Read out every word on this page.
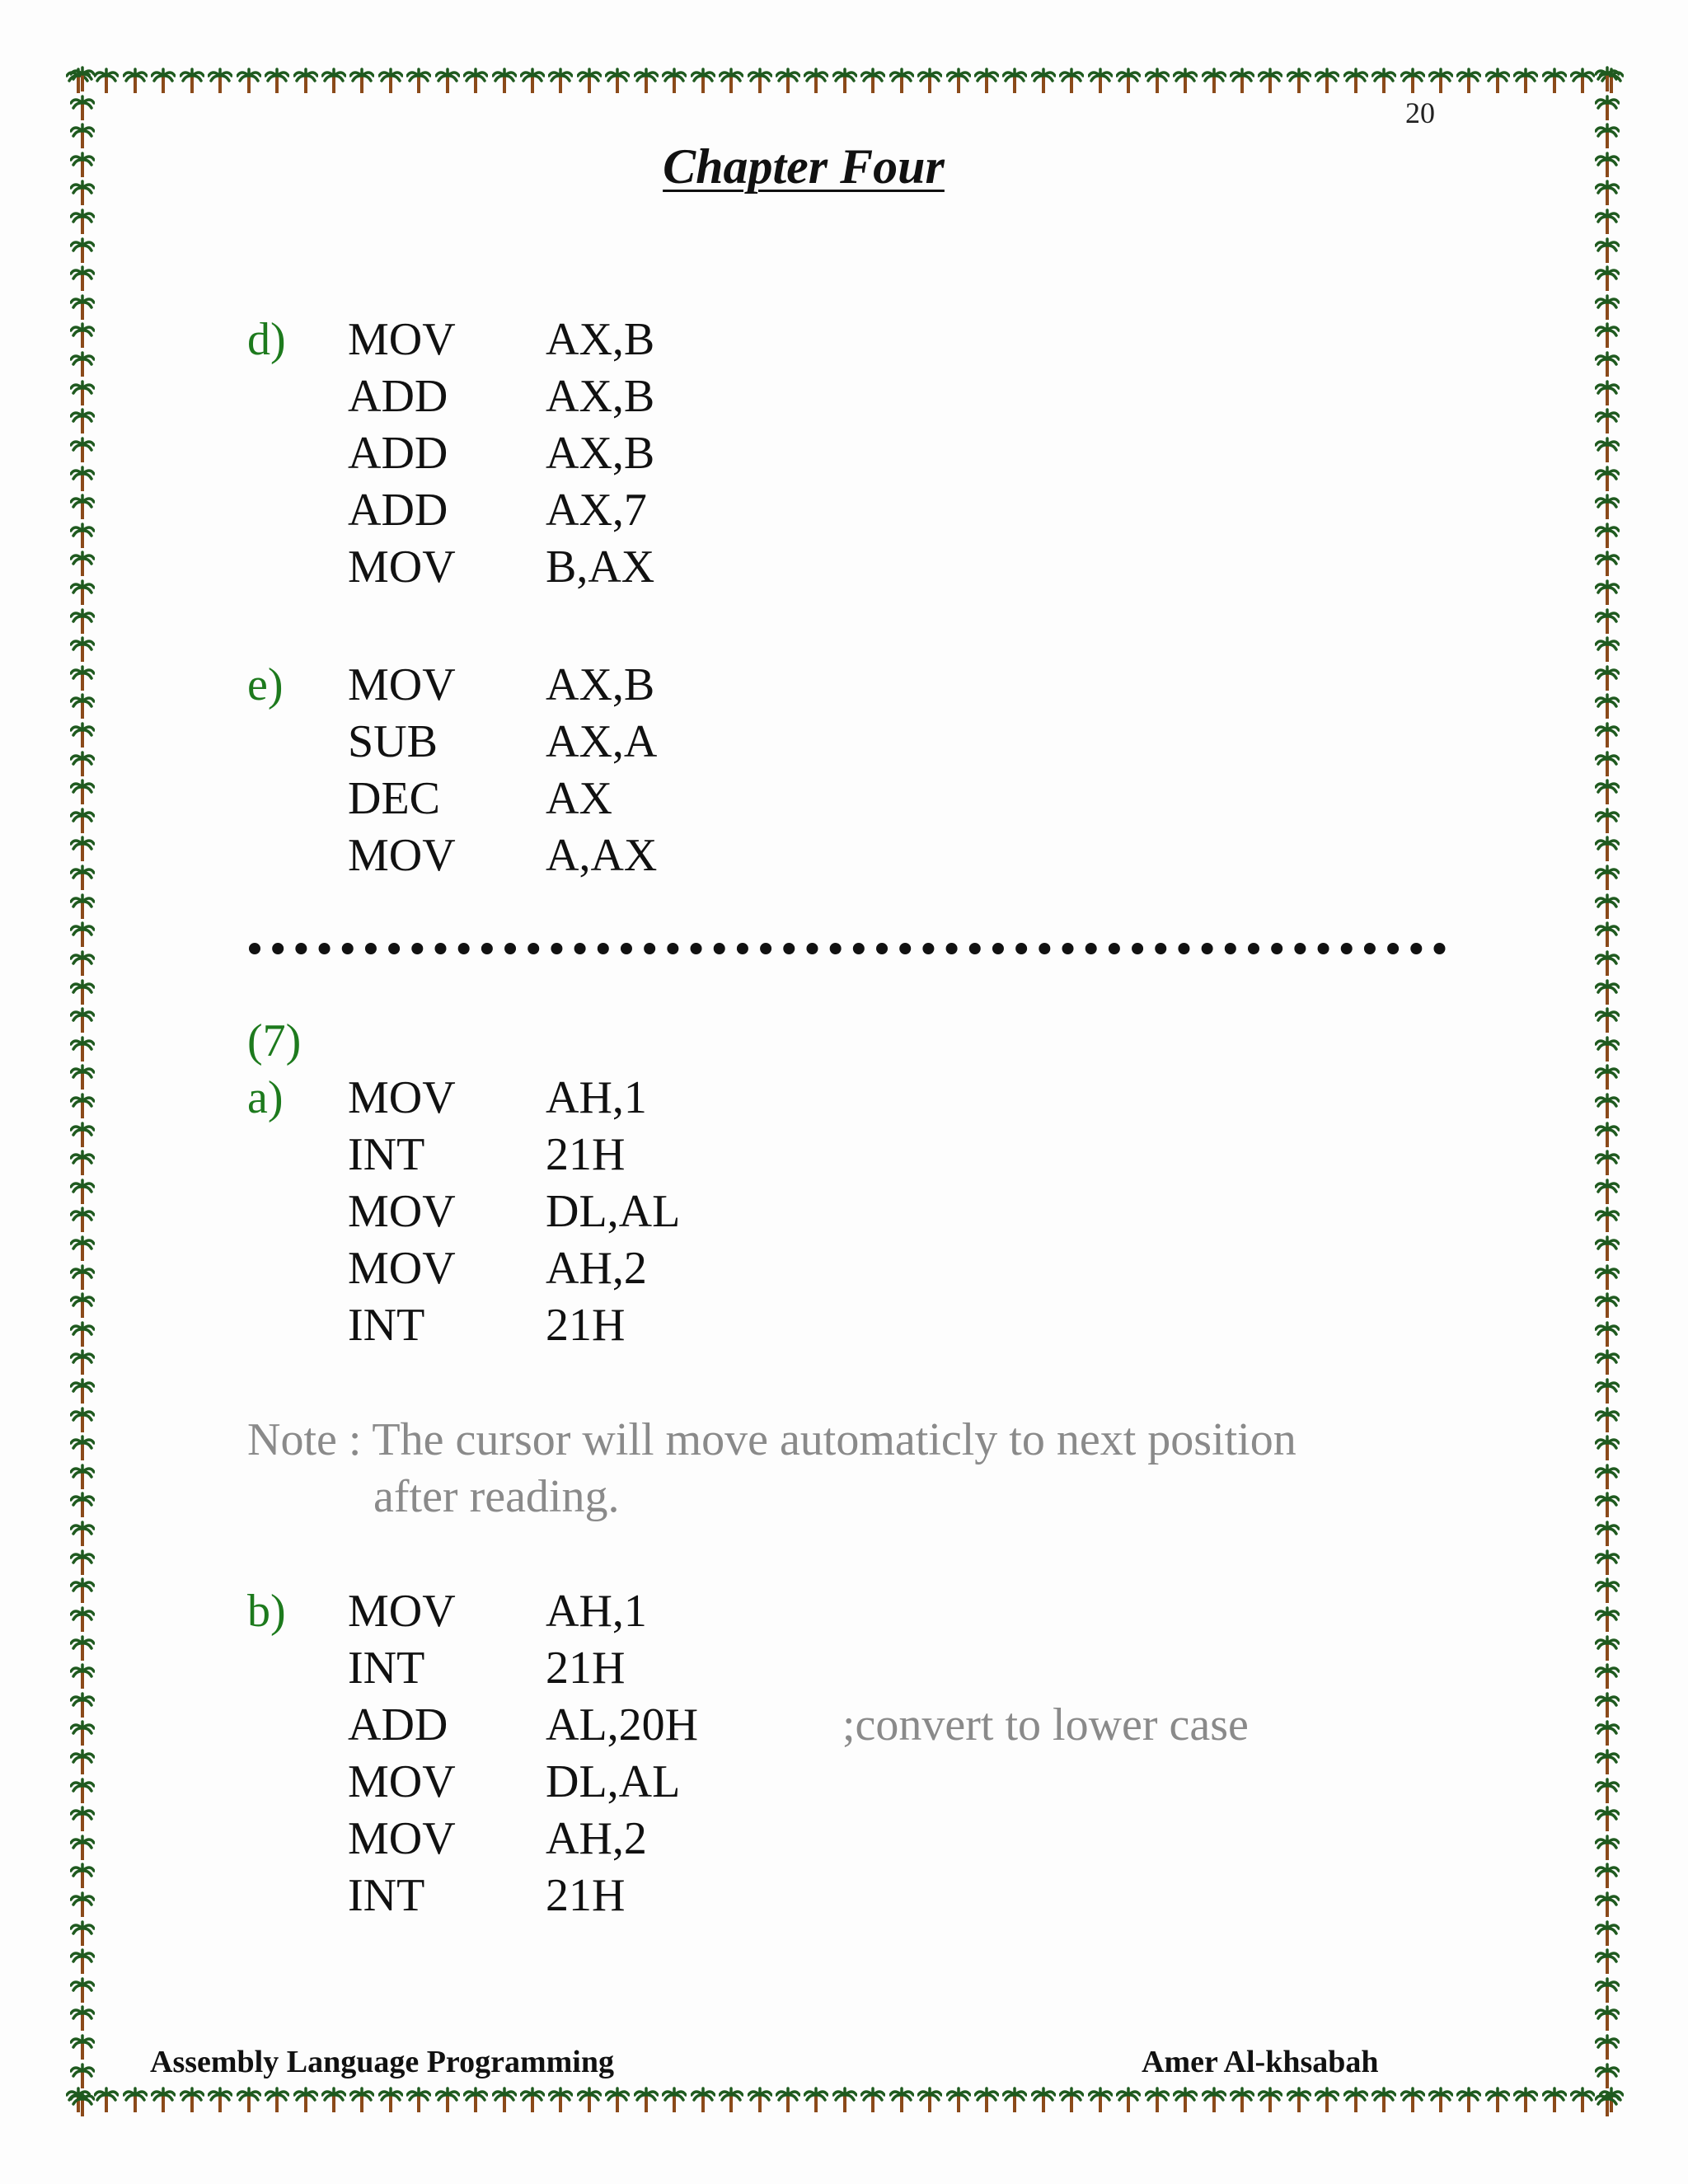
20
Chapter Four
d) MOV AX,B
ADD AX,B
ADD AX,B
ADD AX,7
MOV B,AX
e) MOV AX,B
SUB AX,A
DEC AX
MOV A,AX
(7)
a) MOV AH,1
INT	21H
MOV DL,AL
MOV AH,2
INT	21H
Note : The cursor will move automaticly to next position
after reading.
b) MOV AH,1
INT	21H
ADD AL,20H	;convert to lower case
MOV DL,AL
MOV AH,2
INT	21H
Assembly Language Programming	Amer Al-khsabah
